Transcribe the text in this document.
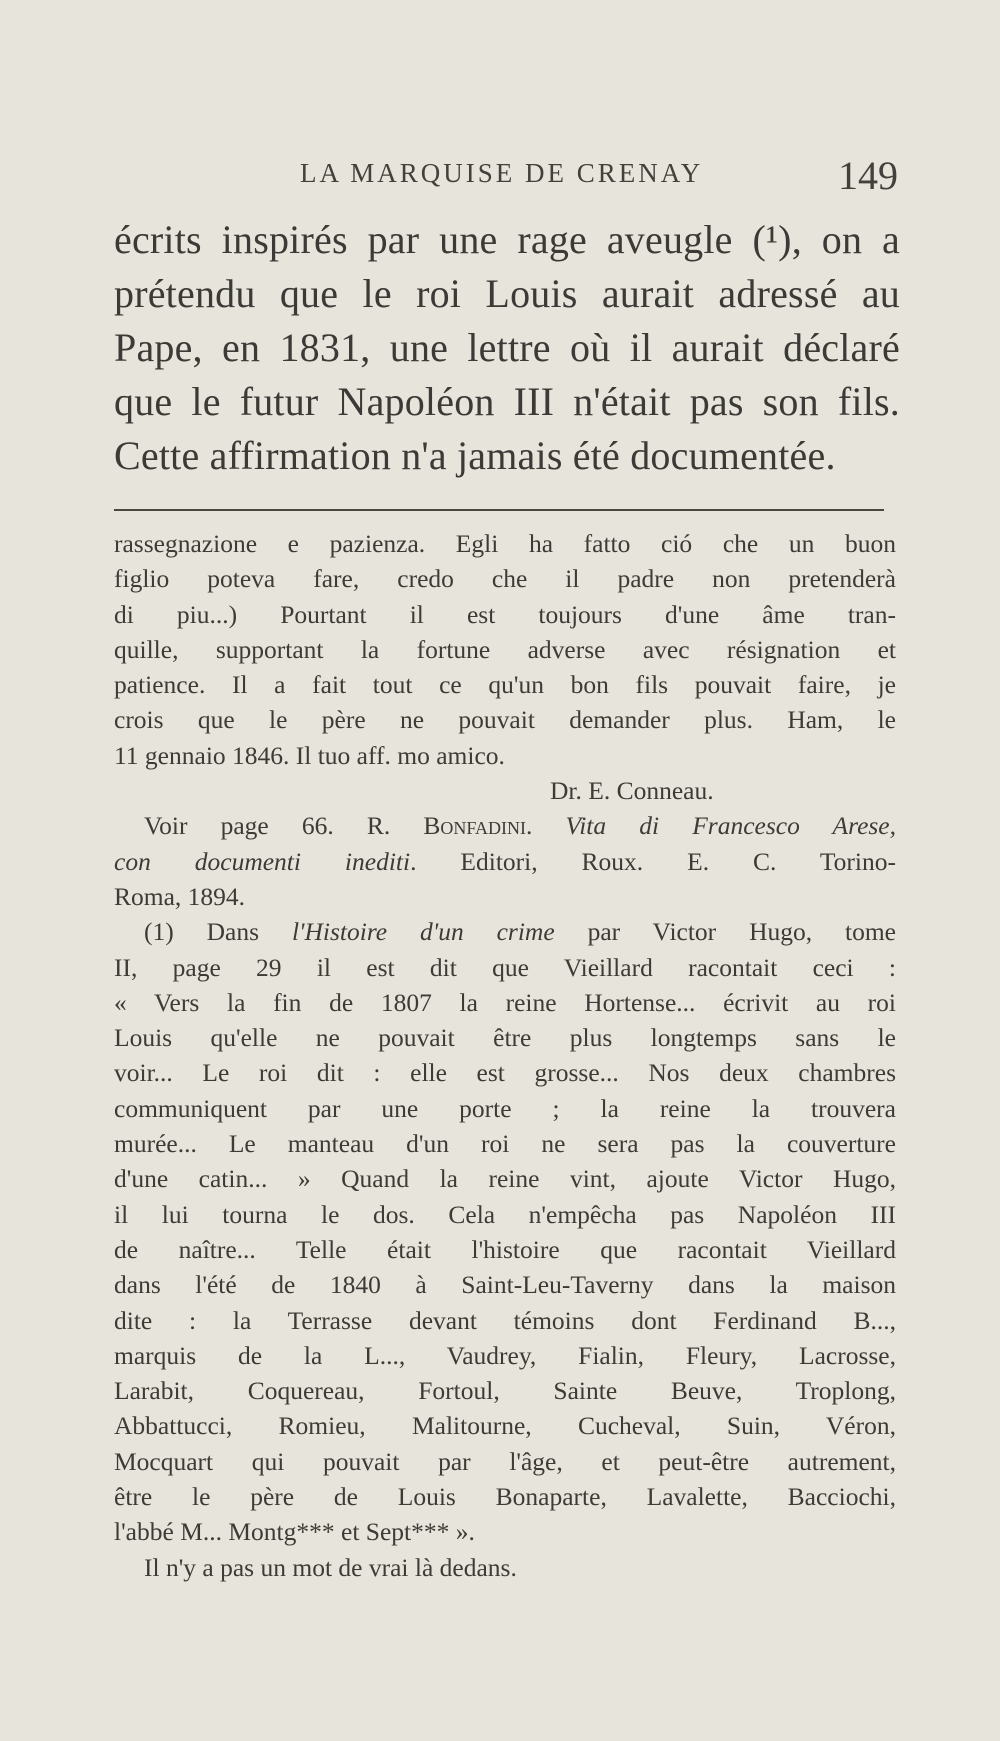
LA MARQUISE DE CRENAY	149
écrits inspirés par une rage aveugle (¹), on a
prétendu que le roi Louis aurait adressé au
Pape, en 1831, une lettre où il aurait déclaré
que le futur Napoléon III n'était pas son fils.
Cette affirmation n'a jamais été documentée.
rassegnazione e pazienza. Egli ha fatto ció che un buon
figlio poteva fare, credo che il padre non pretenderà
di piu...) Pourtant il est toujours d'une âme tran-
quille, supportant la fortune adverse avec résignation et
patience. Il a fait tout ce qu'un bon fils pouvait faire, je
crois que le père ne pouvait demander plus. Ham, le
11 gennaio 1846. Il tuo aff. mo amico.
Dr. E. Conneau.
Voir page 66. R. Bonfadini. Vita di Francesco Arese,
con documenti inediti. Editori, Roux. E. C. Torino-
Roma, 1894.
(1) Dans l'Histoire d'un crime par Victor Hugo, tome
II, page 29 il est dit que Vieillard racontait ceci :
« Vers la fin de 1807 la reine Hortense... écrivit au roi
Louis qu'elle ne pouvait être plus longtemps sans le
voir... Le roi dit : elle est grosse... Nos deux chambres
communiquent par une porte ; la reine la trouvera
murée... Le manteau d'un roi ne sera pas la couverture
d'une catin... » Quand la reine vint, ajoute Victor Hugo,
il lui tourna le dos. Cela n'empêcha pas Napoléon III
de naître... Telle était l'histoire que racontait Vieillard
dans l'été de 1840 à Saint-Leu-Taverny dans la maison
dite : la Terrasse devant témoins dont Ferdinand B...,
marquis de la L..., Vaudrey, Fialin, Fleury, Lacrosse,
Larabit, Coquereau, Fortoul, Sainte Beuve, Troplong,
Abbattucci, Romieu, Malitourne, Cucheval, Suin, Véron,
Mocquart qui pouvait par l'âge, et peut-être autrement,
être le père de Louis Bonaparte, Lavalette, Bacciochi,
l'abbé M... Montg*** et Sept*** ».
Il n'y a pas un mot de vrai là dedans.
